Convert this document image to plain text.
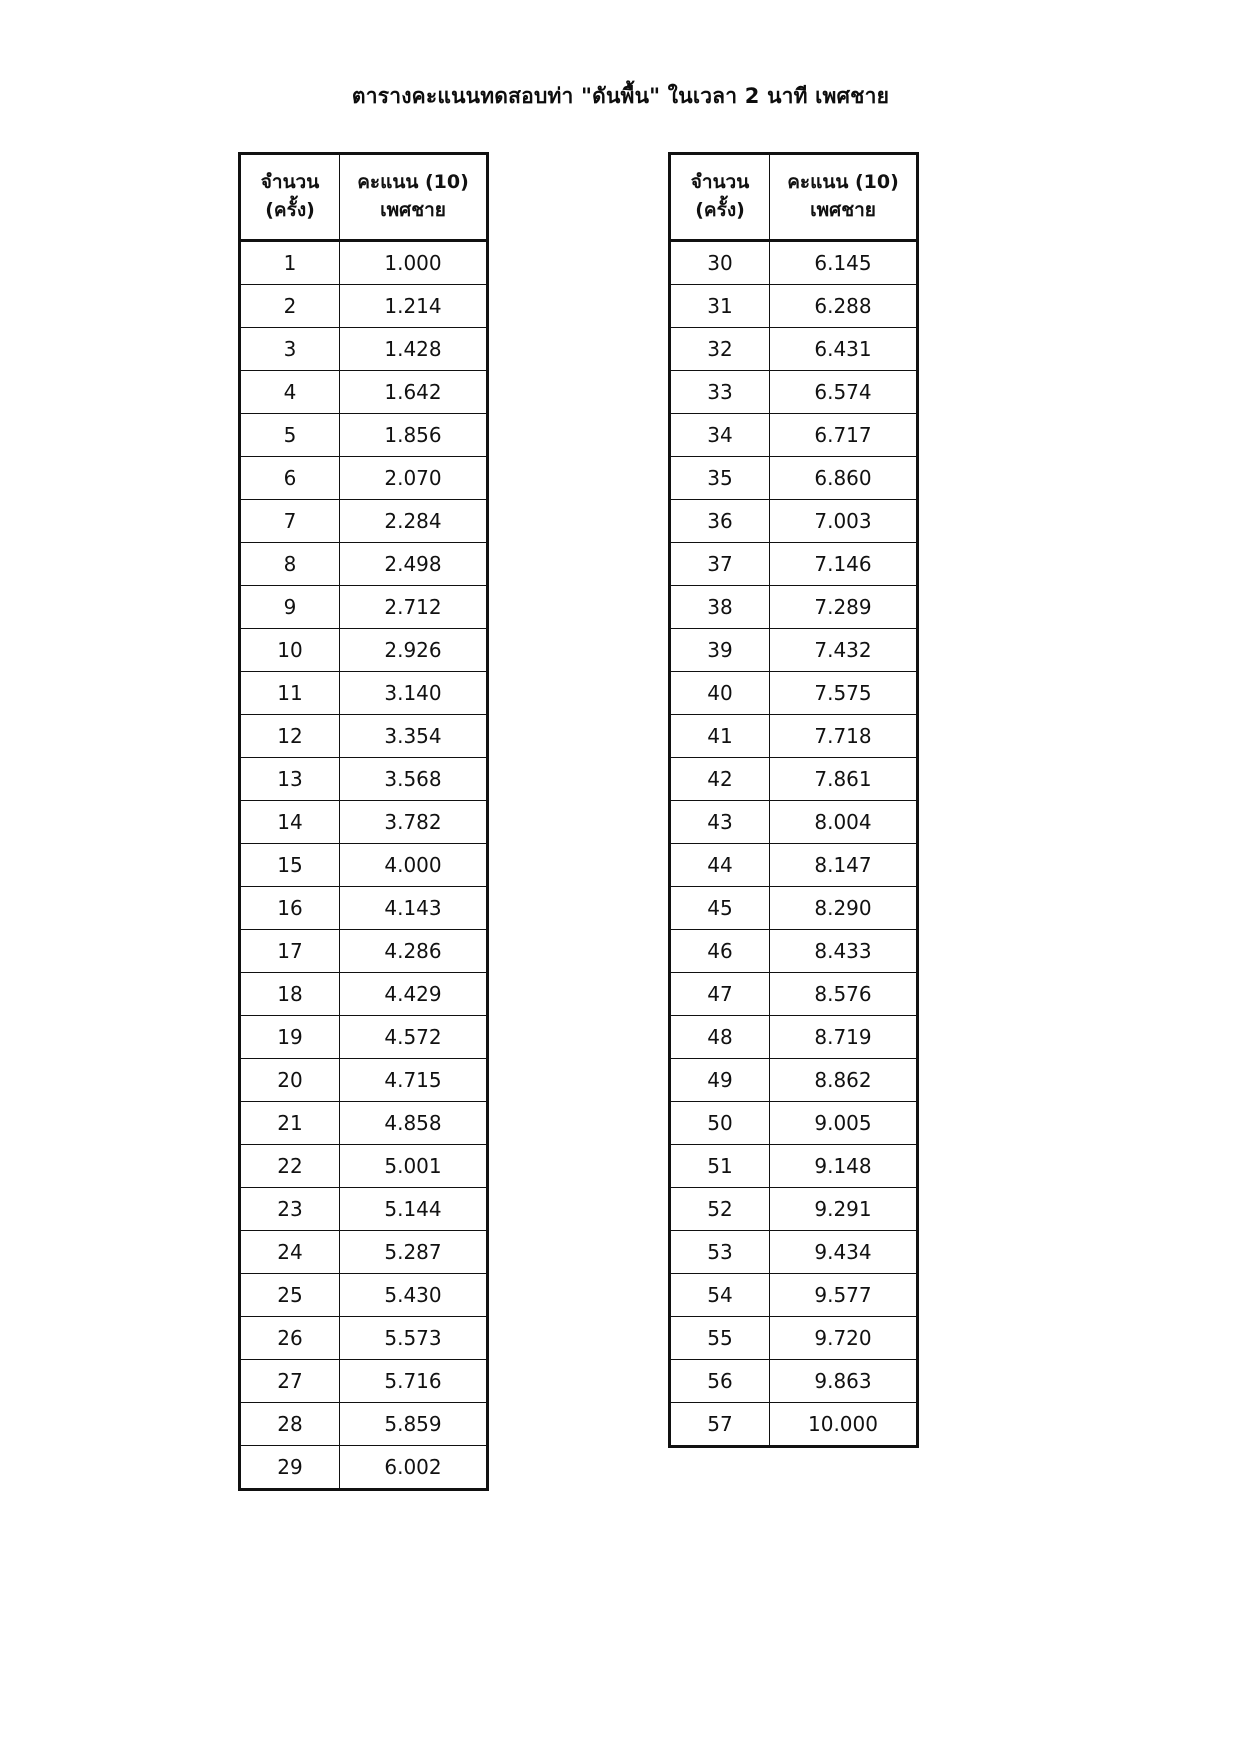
ตารางคะแนนทดสอบท่า "ดันพื้น" ในเวลา 2 นาที เพศชาย
จำนวน
(ครั้ง)	คะแนน (10)
เพศชาย

1	1.000
2	1.214
3	1.428
4	1.642
5	1.856
6	2.070
7	2.284
8	2.498
9	2.712
10	2.926
11	3.140
12	3.354
13	3.568
14	3.782
15	4.000
16	4.143
17	4.286
18	4.429
19	4.572
20	4.715
21	4.858
22	5.001
23	5.144
24	5.287
25	5.430
26	5.573
27	5.716
28	5.859
29	6.002
จำนวน
(ครั้ง)	คะแนน (10)
เพศชาย

30	6.145
31	6.288
32	6.431
33	6.574
34	6.717
35	6.860
36	7.003
37	7.146
38	7.289
39	7.432
40	7.575
41	7.718
42	7.861
43	8.004
44	8.147
45	8.290
46	8.433
47	8.576
48	8.719
49	8.862
50	9.005
51	9.148
52	9.291
53	9.434
54	9.577
55	9.720
56	9.863
57	10.000
